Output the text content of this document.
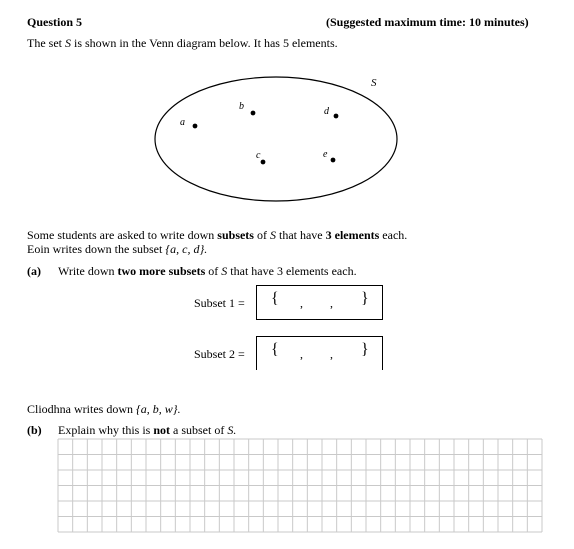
Question 5	(Suggested maximum time: 10 minutes)
The set S is shown in the Venn diagram below. It has 5 elements.
S
a
b
c
d
e
Some students are asked to write down subsets of S that have 3 elements each.
Eoin writes down the subset {a, c, d}.
(a) Write down two more subsets of S that have 3 elements each.
Subset 1 = { , , }
Subset 2 = { , , }
Cliodhna writes down {a, b, w}.
(b) Explain why this is not a subset of S.
